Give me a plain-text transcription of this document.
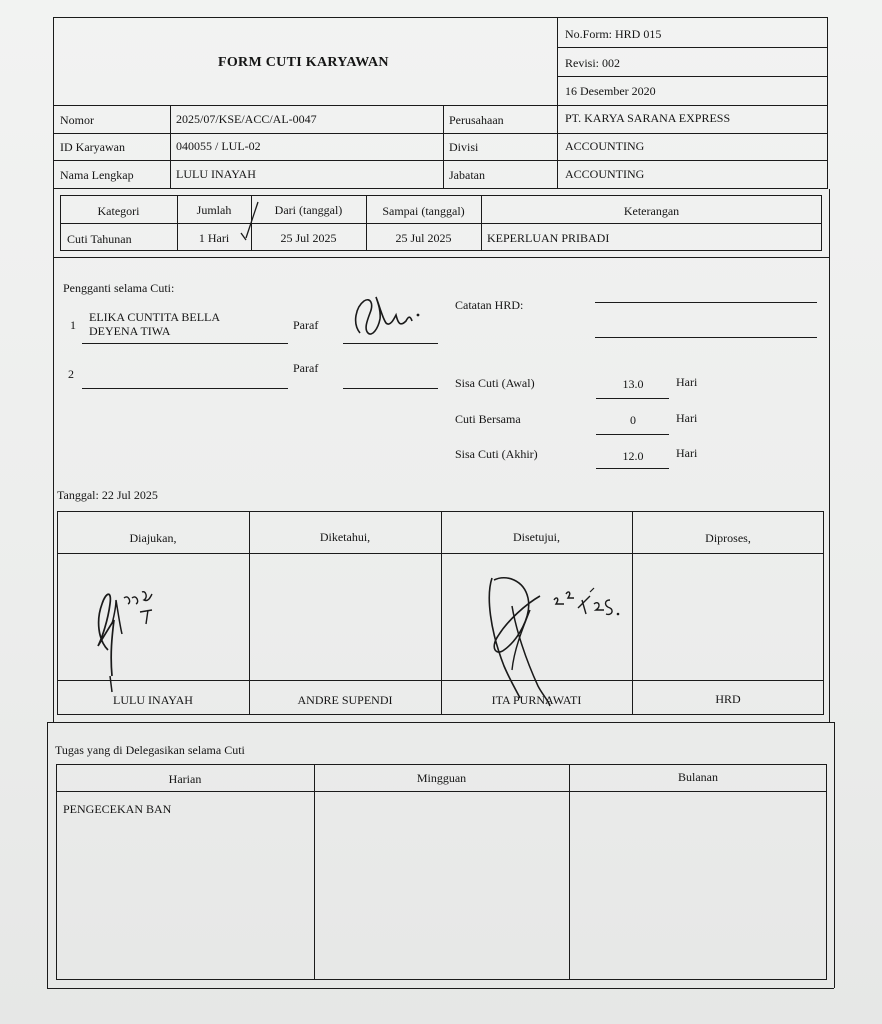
FORM CUTI KARYAWAN
No.Form: HRD 015
Revisi: 002
16 Desember 2020
Nomor	2025/07/KSE/ACC/AL-0047	Perusahaan	PT. KARYA SARANA EXPRESS
ID Karyawan	040055 / LUL-02	Divisi	ACCOUNTING
Nama Lengkap	LULU INAYAH	Jabatan	ACCOUNTING
Kategori	Jumlah	Dari (tanggal)	Sampai (tanggal)	Keterangan
Cuti Tahunan	1 Hari	25 Jul 2025	25 Jul 2025	KEPERLUAN PRIBADI
Pengganti selama Cuti:
1
ELIKA CUNTITA BELLA
DEYENA TIWA	Paraf
2	Paraf
Catatan HRD:
Sisa Cuti (Awal)	13.0	Hari
Cuti Bersama	0	Hari
Sisa Cuti (Akhir)	12.0	Hari
Tanggal: 22 Jul 2025
Diajukan,	Diketahui,	Disetujui,	Diproses,
LULU INAYAH	ANDRE SUPENDI	ITA PURNAWATI	HRD
Tugas yang di Delegasikan selama Cuti
Harian	Mingguan	Bulanan
PENGECEKAN BAN
